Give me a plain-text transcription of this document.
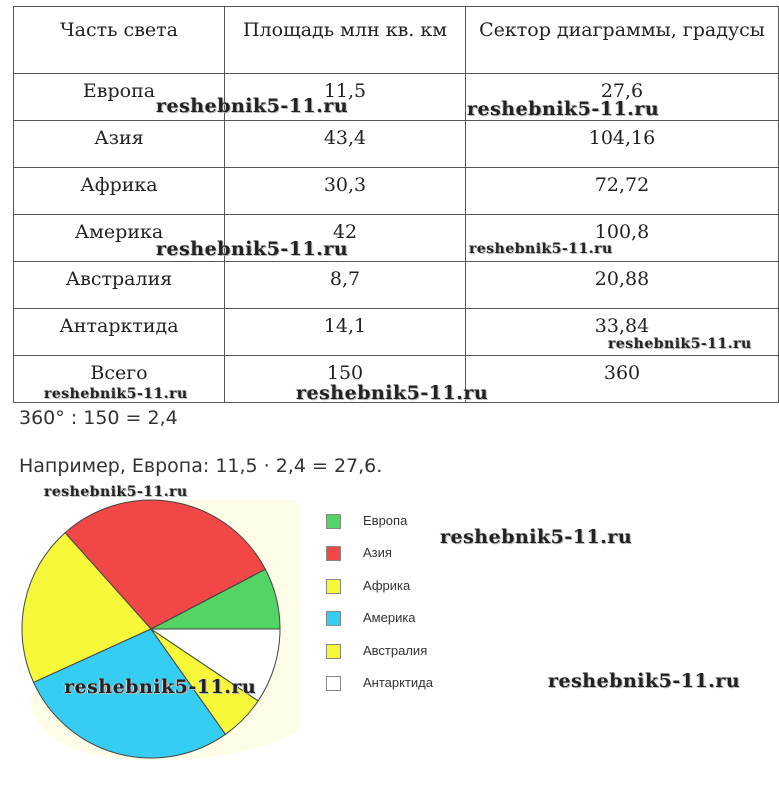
Часть света	Площадь млн кв. км	Сектор диаграммы, градусы
Европа	11,5	27,6
Азия	43,4	104,16
Африка	30,3	72,72
Америка	42	100,8
Австралия	8,7	20,88
Антарктида	14,1	33,84
Всего	150	360
360° : 150 = 2,4
Например, Европа: 11,5 · 2,4 = 27,6.
Европа
Азия
Африка
Америка
Австралия
Антарктида
reshebnik5-11.ru	reshebnik5-11.ru
reshebnik5-11.ru	reshebnik5-11.ru
reshebnik5-11.ru
reshebnik5-11.ru	reshebnik5-11.ru
reshebnik5-11.ru
reshebnik5-11.ru
reshebnik5-11.ru
reshebnik5-11.ru
